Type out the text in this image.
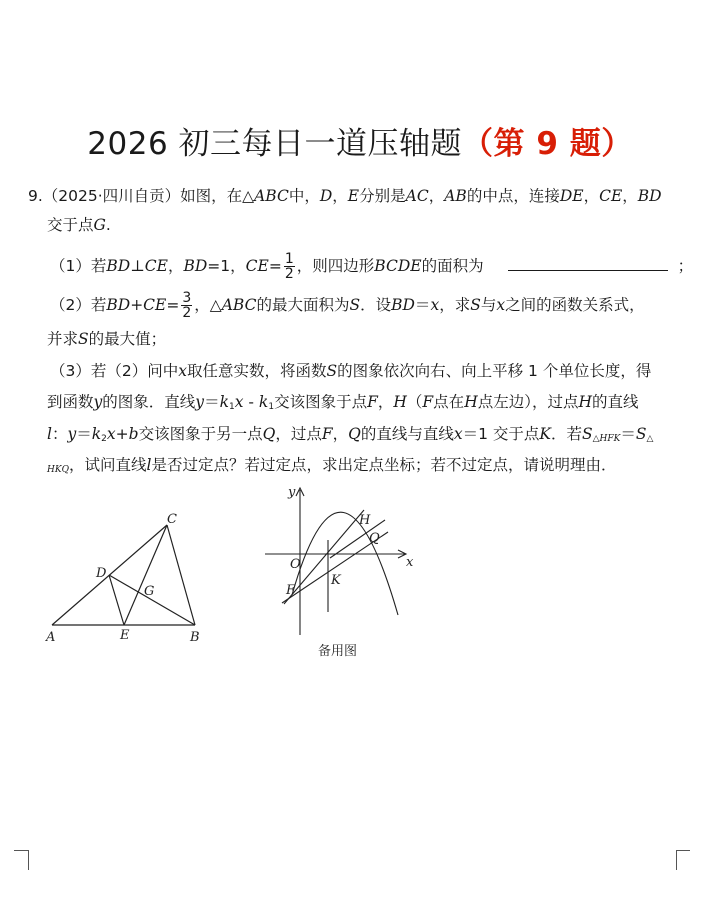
2026 初三每日一道压轴题（第 9 题）
9.（2025·四川自贡）如图，在△ABC中，D，E分别是AC，AB的中点，连接DE，CE，BD
交于点G.
（1）若BD⊥CE，BD=1，$CE= \frac{1}{2}$ ，则四边形BCDE的面积为	；
（2）若$BD+CE= \frac{3}{2}$ ，△ABC的最大面积为S．设BD＝x，求S与x之间的函数关系式，
并求S的最大值；
（3）若（2）问中x取任意实数，将函数S的图象依次向右、向上平移 1 个单位长度，得
到函数y的图象．直线$y=k_1x - k_1$交该图象于点F，H（F点在H点左边），过点H的直线
l：$y=k_2x+b$交该图象于另一点Q，过点F，Q的直线与直线x＝1 交于点K．若S△HFK＝S△
HKQ，试问直线l是否过定点？若过定点，求出定点坐标；若不过定点，请说明理由．
C
D
G
A	E	B
y
H
Q
O	x
F
K
备用图
